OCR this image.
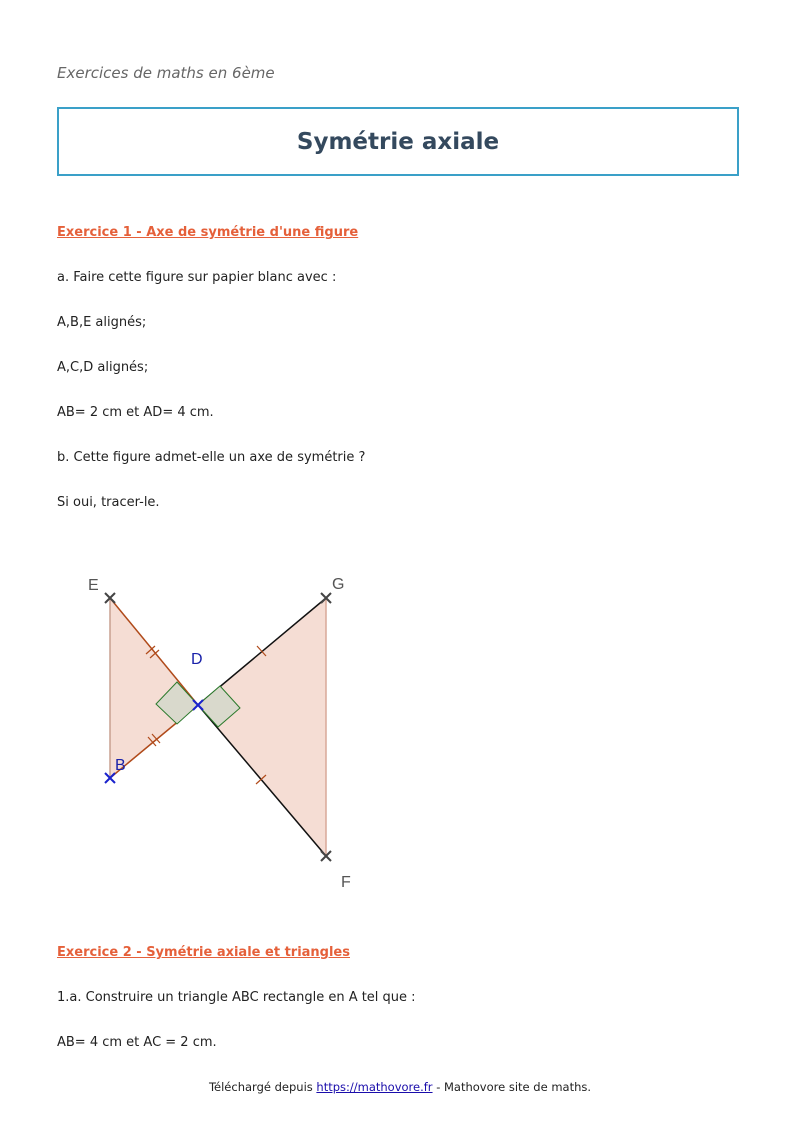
Exercices de maths en 6ème
Symétrie axiale
Exercice 1 - Axe de symétrie d'une figure
a. Faire cette figure sur papier blanc avec :
A,B,E alignés;
A,C,D alignés;
AB= 2 cm et AD= 4 cm.
b. Cette figure admet-elle un axe de symétrie ?
Si oui, tracer-le.
E	G
D
B
F
Exercice 2 - Symétrie axiale et triangles
1.a. Construire un triangle ABC rectangle en A tel que :
AB= 4 cm et AC = 2 cm.
Téléchargé depuis https://mathovore.fr - Mathovore site de maths.
